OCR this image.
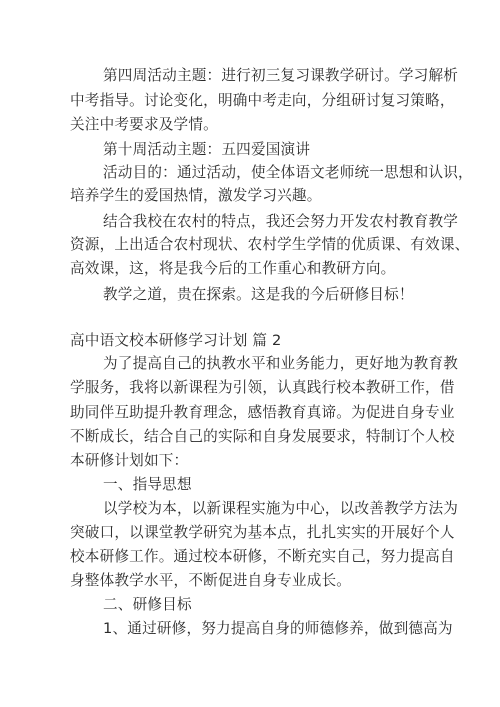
第四周活动主题：进行初三复习课教学研讨。学习解析
中考指导。讨论变化，明确中考走向，分组研讨复习策略，
关注中考要求及学情。
第十周活动主题：五四爱国演讲
活动目的：通过活动，使全体语文老师统一思想和认识，
培养学生的爱国热情，激发学习兴趣。
结合我校在农村的特点，我还会努力开发农村教育教学
资源，上出适合农村现状、农村学生学情的优质课、有效课、
高效课，这，将是我今后的工作重心和教研方向。
教学之道，贵在探索。这是我的今后研修目标！
高中语文校本研修学习计划 篇 2
为了提高自己的执教水平和业务能力，更好地为教育教
学服务，我将以新课程为引领，认真践行校本教研工作，借
助同伴互助提升教育理念，感悟教育真谛。为促进自身专业
不断成长，结合自己的实际和自身发展要求，特制订个人校
本研修计划如下：
一、指导思想
以学校为本，以新课程实施为中心，以改善教学方法为
突破口，以课堂教学研究为基本点，扎扎实实的开展好个人
校本研修工作。通过校本研修，不断充实自己，努力提高自
身整体教学水平，不断促进自身专业成长。
二、研修目标
1、通过研修，努力提高自身的师德修养，做到德高为
